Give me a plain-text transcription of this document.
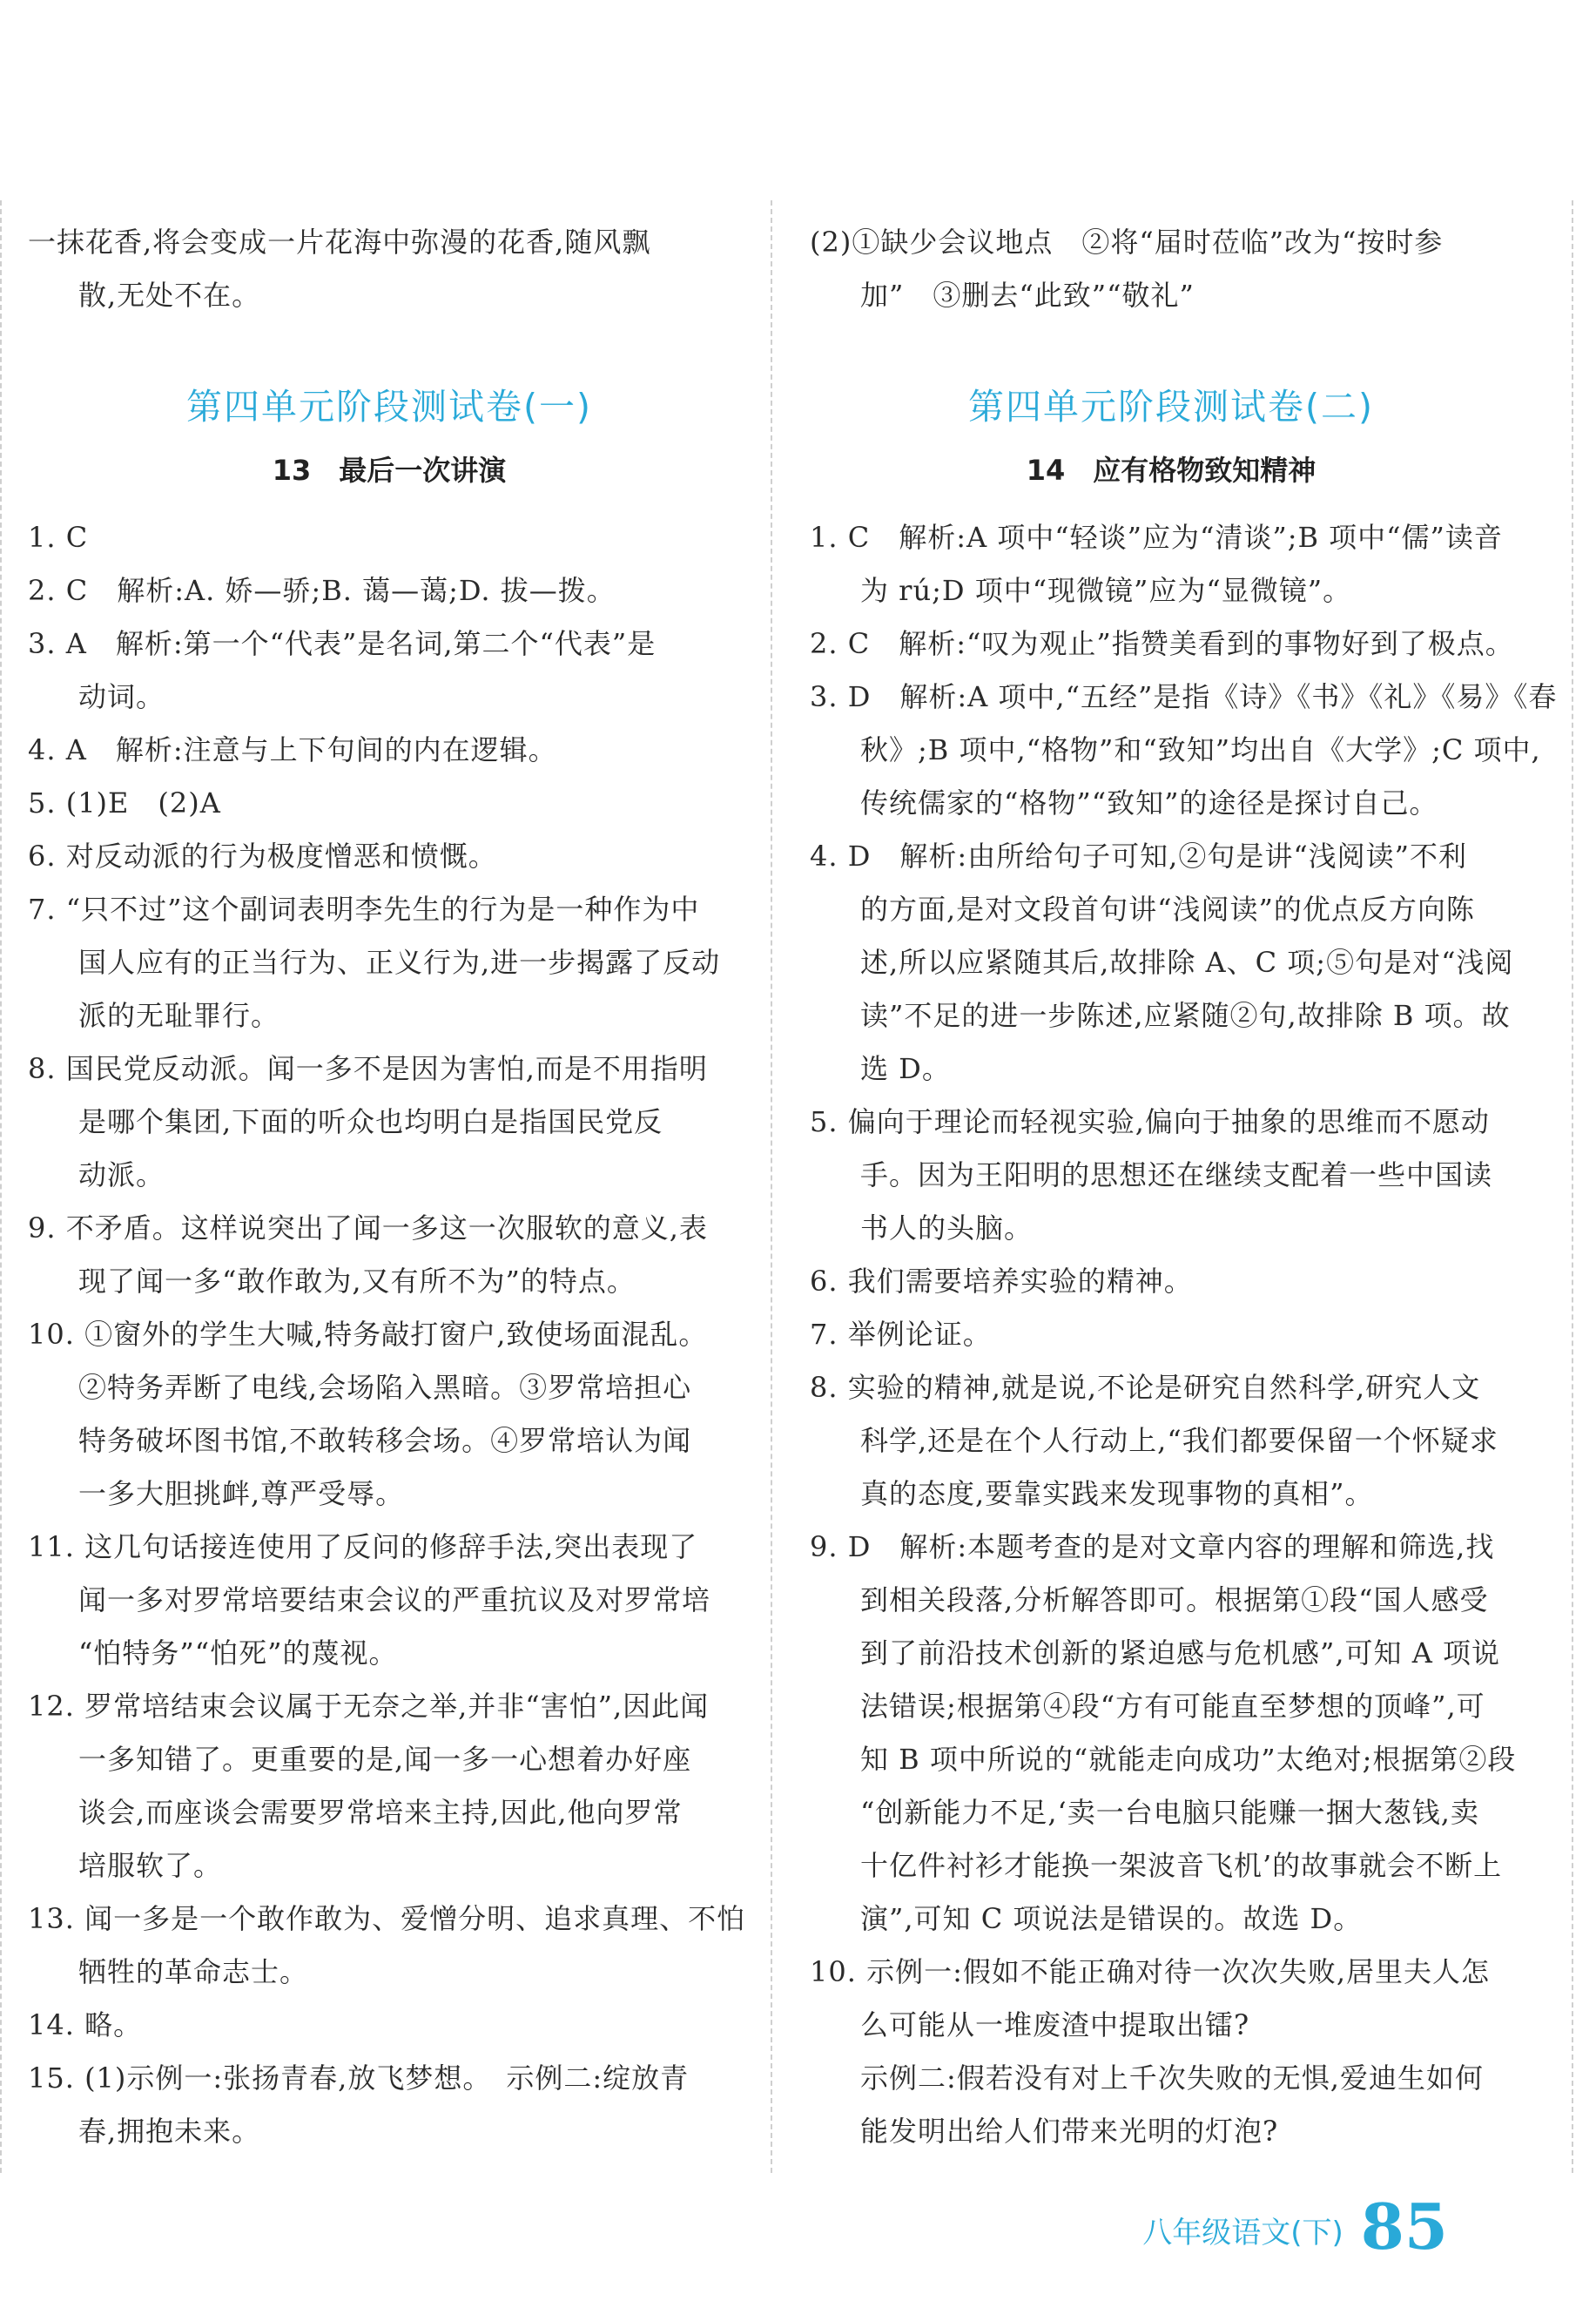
一抹花香,将会变成一片花海中弥漫的花香,随风飘
散,无处不在。
第四单元阶段测试卷(一)
13　最后一次讲演
1. C
2. C　解析:A. 娇—骄;B. 蔼—蔼;D. 拔—拨。
3. A　解析:第一个“代表”是名词,第二个“代表”是
动词。
4. A　解析:注意与上下句间的内在逻辑。
5. (1)E　(2)A
6. 对反动派的行为极度憎恶和愤慨。
7. “只不过”这个副词表明李先生的行为是一种作为中
国人应有的正当行为、正义行为,进一步揭露了反动
派的无耻罪行。
8. 国民党反动派。闻一多不是因为害怕,而是不用指明
是哪个集团,下面的听众也均明白是指国民党反
动派。
9. 不矛盾。这样说突出了闻一多这一次服软的意义,表
现了闻一多“敢作敢为,又有所不为”的特点。
10. ①窗外的学生大喊,特务敲打窗户,致使场面混乱。
②特务弄断了电线,会场陷入黑暗。③罗常培担心
特务破坏图书馆,不敢转移会场。④罗常培认为闻
一多大胆挑衅,尊严受辱。
11. 这几句话接连使用了反问的修辞手法,突出表现了
闻一多对罗常培要结束会议的严重抗议及对罗常培
“怕特务”“怕死”的蔑视。
12. 罗常培结束会议属于无奈之举,并非“害怕”,因此闻
一多知错了。更重要的是,闻一多一心想着办好座
谈会,而座谈会需要罗常培来主持,因此,他向罗常
培服软了。
13. 闻一多是一个敢作敢为、爱憎分明、追求真理、不怕
牺牲的革命志士。
14. 略。
15. (1)示例一:张扬青春,放飞梦想。　示例二:绽放青
春,拥抱未来。
(2)①缺少会议地点　②将“届时莅临”改为“按时参
加”　③删去“此致”“敬礼”
第四单元阶段测试卷(二)
14　应有格物致知精神
1. C　解析:A 项中“轻谈”应为“清谈”;B 项中“儒”读音
为 rú;D 项中“现微镜”应为“显微镜”。
2. C　解析:“叹为观止”指赞美看到的事物好到了极点。
3. D　解析:A 项中,“五经”是指《诗》《书》《礼》《易》《春
秋》;B 项中,“格物”和“致知”均出自《大学》;C 项中,
传统儒家的“格物”“致知”的途径是探讨自己。
4. D　解析:由所给句子可知,②句是讲“浅阅读”不利
的方面,是对文段首句讲“浅阅读”的优点反方向陈
述,所以应紧随其后,故排除 A、C 项;⑤句是对“浅阅
读”不足的进一步陈述,应紧随②句,故排除 B 项。故
选 D。
5. 偏向于理论而轻视实验,偏向于抽象的思维而不愿动
手。因为王阳明的思想还在继续支配着一些中国读
书人的头脑。
6. 我们需要培养实验的精神。
7. 举例论证。
8. 实验的精神,就是说,不论是研究自然科学,研究人文
科学,还是在个人行动上,“我们都要保留一个怀疑求
真的态度,要靠实践来发现事物的真相”。
9. D　解析:本题考查的是对文章内容的理解和筛选,找
到相关段落,分析解答即可。根据第①段“国人感受
到了前沿技术创新的紧迫感与危机感”,可知 A 项说
法错误;根据第④段“方有可能直至梦想的顶峰”,可
知 B 项中所说的“就能走向成功”太绝对;根据第②段
“创新能力不足,‘卖一台电脑只能赚一捆大葱钱,卖
十亿件衬衫才能换一架波音飞机’的故事就会不断上
演”,可知 C 项说法是错误的。故选 D。
10. 示例一:假如不能正确对待一次次失败,居里夫人怎
么可能从一堆废渣中提取出镭?
示例二:假若没有对上千次失败的无惧,爱迪生如何
能发明出给人们带来光明的灯泡?
八年级语文(下) 85
